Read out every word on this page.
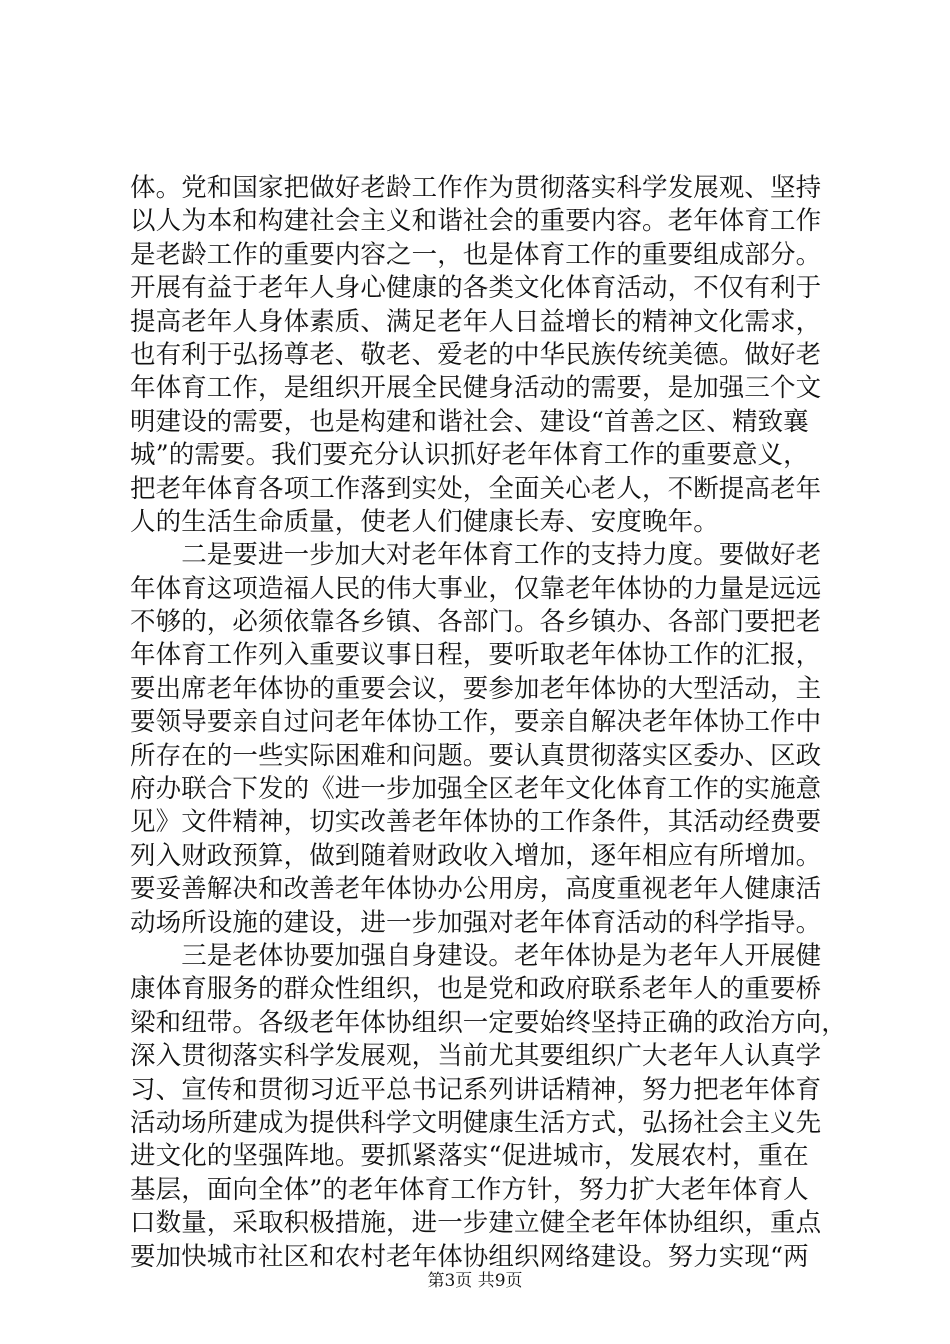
体。党和国家把做好老龄工作作为贯彻落实科学发展观、坚持
以人为本和构建社会主义和谐社会的重要内容。老年体育工作
是老龄工作的重要内容之一，也是体育工作的重要组成部分。
开展有益于老年人身心健康的各类文化体育活动，不仅有利于
提高老年人身体素质、满足老年人日益增长的精神文化需求，
也有利于弘扬尊老、敬老、爱老的中华民族传统美德。做好老
年体育工作，是组织开展全民健身活动的需要，是加强三个文
明建设的需要，也是构建和谐社会、建设“首善之区、精致襄
城”的需要。我们要充分认识抓好老年体育工作的重要意义，
把老年体育各项工作落到实处，全面关心老人，不断提高老年
人的生活生命质量，使老人们健康长寿、安度晚年。
　　二是要进一步加大对老年体育工作的支持力度。要做好老
年体育这项造福人民的伟大事业，仅靠老年体协的力量是远远
不够的，必须依靠各乡镇、各部门。各乡镇办、各部门要把老
年体育工作列入重要议事日程，要听取老年体协工作的汇报，
要出席老年体协的重要会议，要参加老年体协的大型活动，主
要领导要亲自过问老年体协工作，要亲自解决老年体协工作中
所存在的一些实际困难和问题。要认真贯彻落实区委办、区政
府办联合下发的《进一步加强全区老年文化体育工作的实施意
见》文件精神，切实改善老年体协的工作条件，其活动经费要
列入财政预算，做到随着财政收入增加，逐年相应有所增加。
要妥善解决和改善老年体协办公用房，高度重视老年人健康活
动场所设施的建设，进一步加强对老年体育活动的科学指导。
　　三是老体协要加强自身建设。老年体协是为老年人开展健
康体育服务的群众性组织，也是党和政府联系老年人的重要桥
梁和纽带。各级老年体协组织一定要始终坚持正确的政治方向，
深入贯彻落实科学发展观，当前尤其要组织广大老年人认真学
习、宣传和贯彻习近平总书记系列讲话精神，努力把老年体育
活动场所建成为提供科学文明健康生活方式，弘扬社会主义先
进文化的坚强阵地。要抓紧落实“促进城市，发展农村，重在
基层，面向全体”的老年体育工作方针，努力扩大老年体育人
口数量，采取积极措施，进一步建立健全老年体协组织，重点
要加快城市社区和农村老年体协组织网络建设。努力实现“两
第3页 共9页
